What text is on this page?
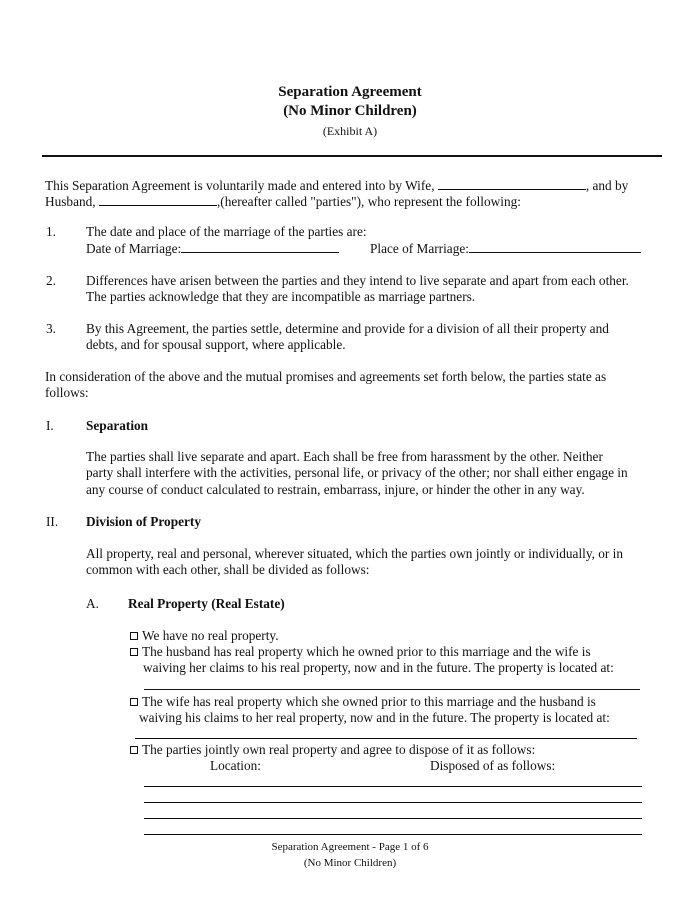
Separation Agreement
(No Minor Children)
(Exhibit A)
This Separation Agreement is voluntarily made and entered into by Wife,	, and by
Husband,	,(hereafter called "parties"), who represent the following:
1. The date and place of the marriage of the parties are:
Date of Marriage:	Place of Marriage:
2. Differences have arisen between the parties and they intend to live separate and apart from each other.
The parties acknowledge that they are incompatible as marriage partners.
3. By this Agreement, the parties settle, determine and provide for a division of all their property and
debts, and for spousal support, where applicable.
In consideration of the above and the mutual promises and agreements set forth below, the parties state as
follows:
I. Separation
The parties shall live separate and apart. Each shall be free from harassment by the other. Neither
party shall interfere with the activities, personal life, or privacy of the other; nor shall either engage in
any course of conduct calculated to restrain, embarrass, injure, or hinder the other in any way.
II. Division of Property
All property, real and personal, wherever situated, which the parties own jointly or individually, or in
common with each other, shall be divided as follows:
A. Real Property (Real Estate)
We have no real property.
The husband has real property which he owned prior to this marriage and the wife is
waiving her claims to his real property, now and in the future. The property is located at:
The wife has real property which she owned prior to this marriage and the husband is
waiving his claims to her real property, now and in the future. The property is located at:
The parties jointly own real property and agree to dispose of it as follows:
Location:	Disposed of as follows:
Separation Agreement - Page 1 of 6
(No Minor Children)
